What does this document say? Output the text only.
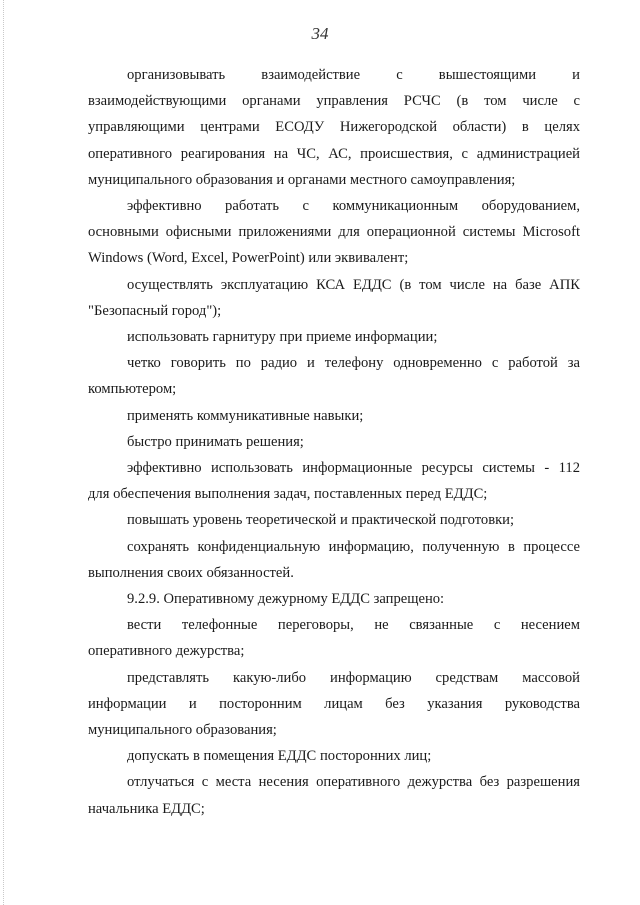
34
организовывать взаимодействие с вышестоящими и
взаимодействующими органами управления РСЧС (в том числе с
управляющими центрами ЕСОДУ Нижегородской области) в целях
оперативного реагирования на ЧС, АС, происшествия, с администрацией
муниципального образования и органами местного самоуправления;
эффективно работать с коммуникационным оборудованием,
основными офисными приложениями для операционной системы Microsoft
Windows (Word, Excel, PowerPoint) или эквивалент;
осуществлять эксплуатацию КСА ЕДДС (в том числе на базе АПК
"Безопасный город");
использовать гарнитуру при приеме информации;
четко говорить по радио и телефону одновременно с работой за
компьютером;
применять коммуникативные навыки;
быстро принимать решения;
эффективно использовать информационные ресурсы системы - 112
для обеспечения выполнения задач, поставленных перед ЕДДС;
повышать уровень теоретической и практической подготовки;
сохранять конфиденциальную информацию, полученную в процессе
выполнения своих обязанностей.
9.2.9. Оперативному дежурному ЕДДС запрещено:
вести телефонные переговоры, не связанные с несением
оперативного дежурства;
представлять какую-либо информацию средствам массовой
информации и посторонним лицам без указания руководства
муниципального образования;
допускать в помещения ЕДДС посторонних лиц;
отлучаться с места несения оперативного дежурства без разрешения
начальника ЕДДС;
